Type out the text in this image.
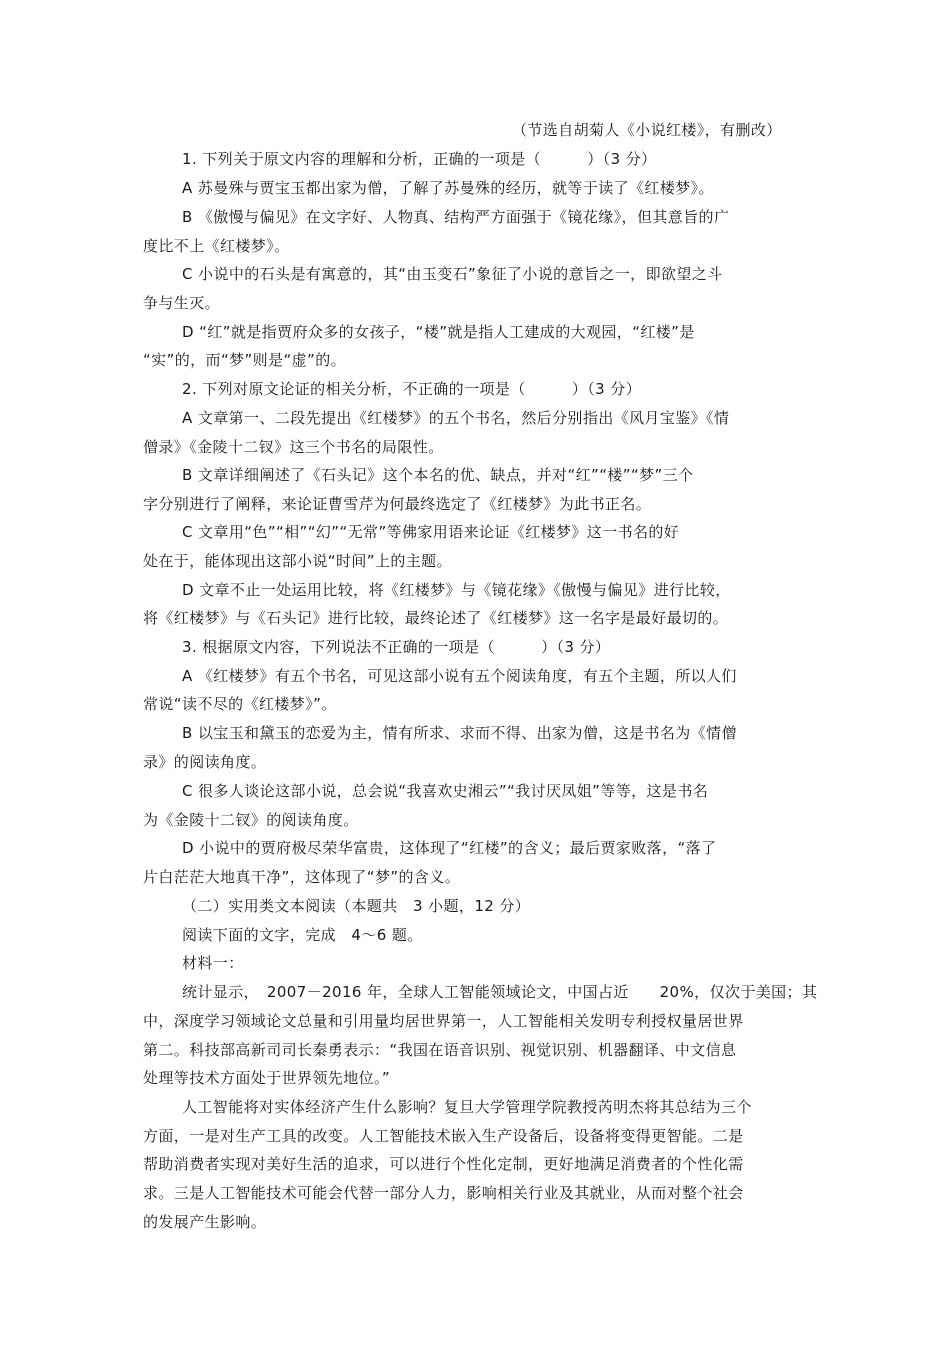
（节选自胡菊人《小说红楼》，有删改）
1. 下列关于原文内容的理解和分析，正确的一项是（　　　）（3 分）
A 苏曼殊与贾宝玉都出家为僧，了解了苏曼殊的经历，就等于读了《红楼梦》。
B 《傲慢与偏见》在文字好、人物真、结构严方面强于《镜花缘》，但其意旨的广
度比不上《红楼梦》。
C 小说中的石头是有寓意的，其“由玉变石”象征了小说的意旨之一，即欲望之斗
争与生灭。
D “红”就是指贾府众多的女孩子，“楼”就是指人工建成的大观园，“红楼”是
“实”的，而“梦”则是“虚”的。
2. 下列对原文论证的相关分析，不正确的一项是（　　　）（3 分）
A 文章第一、二段先提出《红楼梦》的五个书名，然后分别指出《风月宝鉴》《情
僧录》《金陵十二钗》这三个书名的局限性。
B 文章详细阐述了《石头记》这个本名的优、缺点，并对“红”“楼”“梦”三个
字分别进行了阐释，来论证曹雪芹为何最终选定了《红楼梦》为此书正名。
C 文章用“色”“相”“幻”“无常”等佛家用语来论证《红楼梦》这一书名的好
处在于，能体现出这部小说“时间”上的主题。
D 文章不止一处运用比较，将《红楼梦》与《镜花缘》《傲慢与偏见》进行比较，
将《红楼梦》与《石头记》进行比较，最终论述了《红楼梦》这一名字是最好最切的。
3. 根据原文内容，下列说法不正确的一项是（　　　）（3 分）
A 《红楼梦》有五个书名，可见这部小说有五个阅读角度，有五个主题，所以人们
常说“读不尽的《红楼梦》”。
B 以宝玉和黛玉的恋爱为主，情有所求、求而不得、出家为僧，这是书名为《情僧
录》的阅读角度。
C 很多人谈论这部小说，总会说“我喜欢史湘云”“我讨厌凤姐”等等，这是书名
为《金陵十二钗》的阅读角度。
D 小说中的贾府极尽荣华富贵，这体现了“红楼”的含义；最后贾家败落，“落了
片白茫茫大地真干净”，这体现了“梦”的含义。
（二）实用类文本阅读（本题共　3 小题，12 分）
阅读下面的文字，完成　4～6 题。
材料一：
统计显示，　2007－2016 年，全球人工智能领域论文，中国占近　　20%，仅次于美国；其
中，深度学习领域论文总量和引用量均居世界第一，人工智能相关发明专利授权量居世界
第二。科技部高新司司长秦勇表示：“我国在语音识别、视觉识别、机器翻译、中文信息
处理等技术方面处于世界领先地位。”
人工智能将对实体经济产生什么影响？复旦大学管理学院教授芮明杰将其总结为三个
方面，一是对生产工具的改变。人工智能技术嵌入生产设备后，设备将变得更智能。二是
帮助消费者实现对美好生活的追求，可以进行个性化定制，更好地满足消费者的个性化需
求。三是人工智能技术可能会代替一部分人力，影响相关行业及其就业，从而对整个社会
的发展产生影响。
